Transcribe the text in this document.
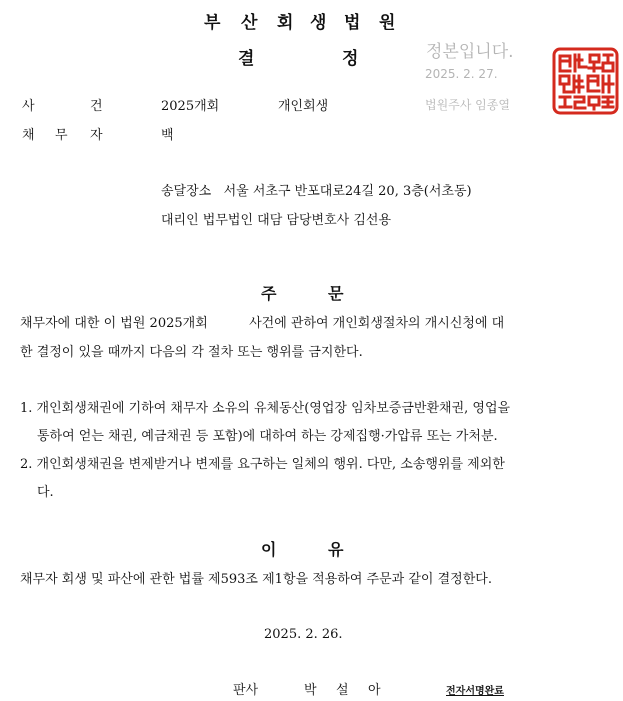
부 산 회 생 법 원
결	정	정본입니다.
2025. 2. 27.
법원주사 임종열
사	건	2025개회	개인회생
채 무 자	백
송달장소   서울 서초구 반포대로24길 20, 3층(서초동)
대리인 법무법인 대담 담당변호사 김선용
주	문
채무자에 대한 이 법원 2025개회          사건에 관하여 개인회생절차의 개시신청에 대
한 결정이 있을 때까지 다음의 각 절차 또는 행위를 금지한다.
1. 개인회생채권에 기하여 채무자 소유의 유체동산(영업장 임차보증금반환채권, 영업을
통하여 얻는 채권, 예금채권 등 포함)에 대하여 하는 강제집행·가압류 또는 가처분.
2. 개인회생채권을 변제받거나 변제를 요구하는 일체의 행위. 다만, 소송행위를 제외한
다.
이	유
채무자 회생 및 파산에 관한 법률 제593조 제1항을 적용하여 주문과 같이 결정한다.
2025. 2. 26.
판사	박 설 아	전자서명완료
